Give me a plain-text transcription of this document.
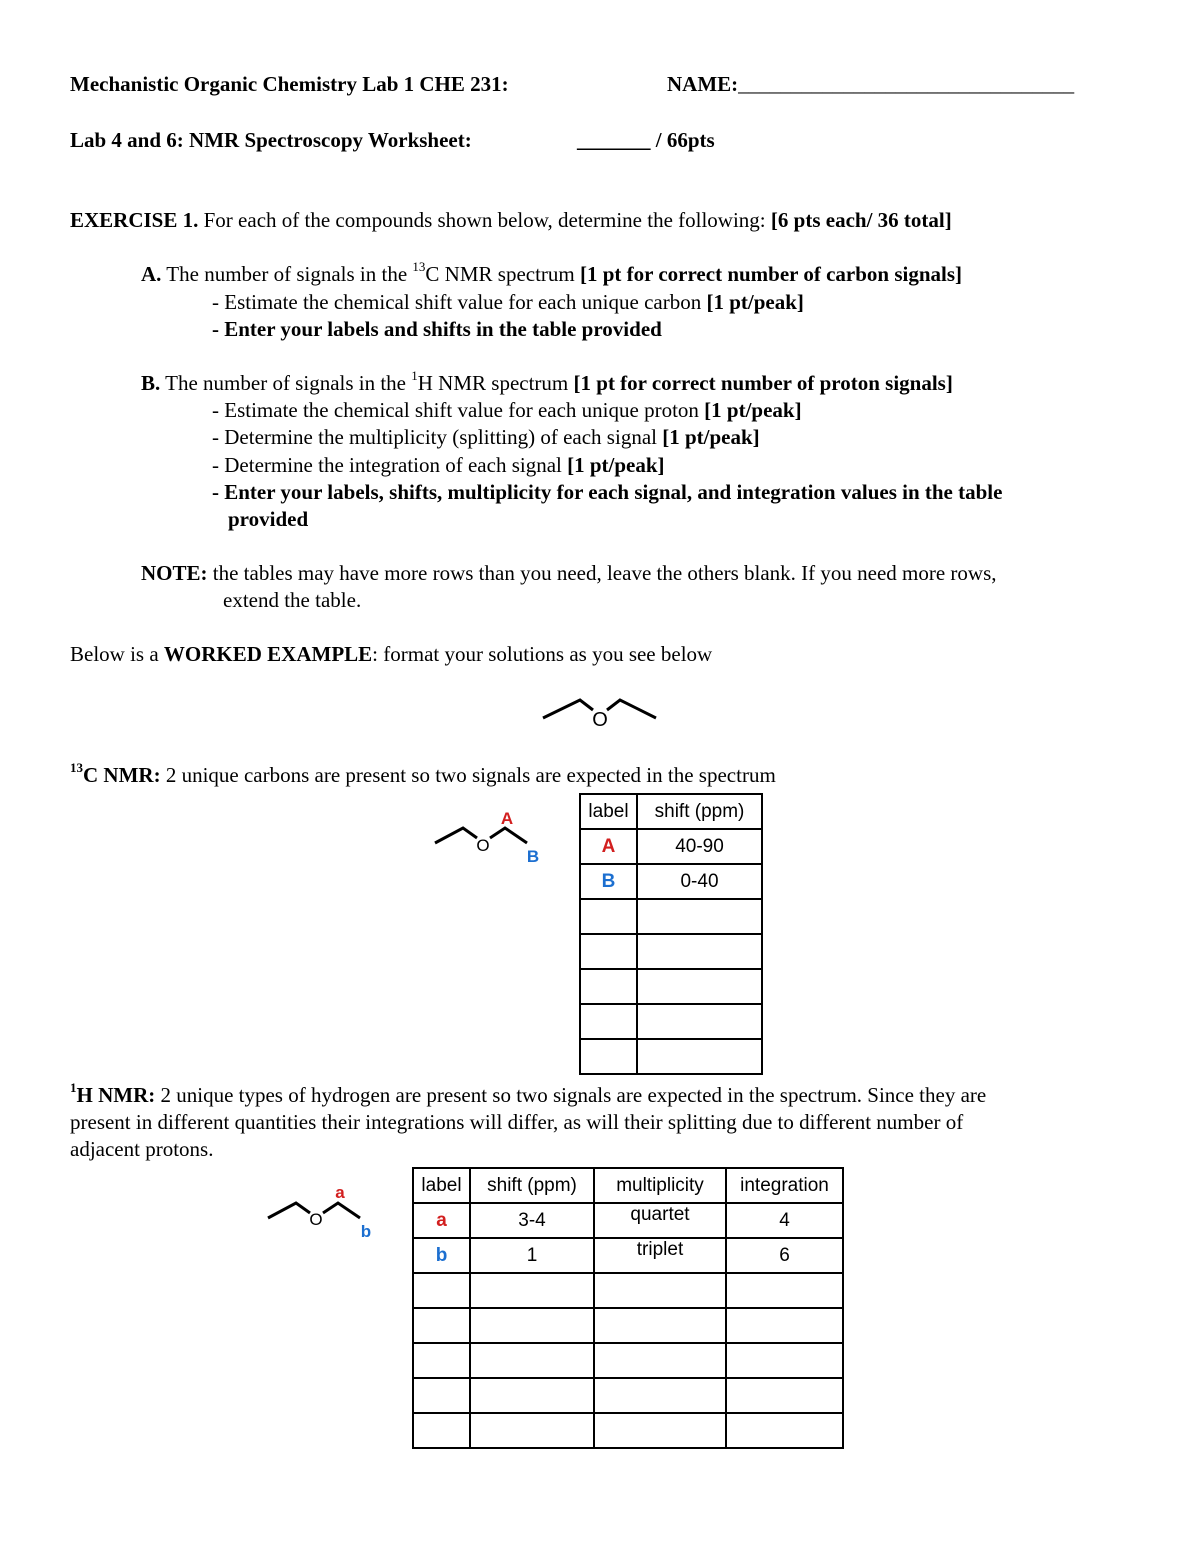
Mechanistic Organic Chemistry Lab 1 CHE 231:	NAME:________________________________
Lab 4 and 6: NMR Spectroscopy Worksheet:	_______ / 66pts
EXERCISE 1. For each of the compounds shown below, determine the following: [6 pts each/ 36 total]
A. The number of signals in the $^{13}$C NMR spectrum [1 pt for correct number of carbon signals]
- Estimate the chemical shift value for each unique carbon [1 pt/peak]
- Enter your labels and shifts in the table provided
B. The number of signals in the $^1$H NMR spectrum [1 pt for correct number of proton signals]
- Estimate the chemical shift value for each unique proton [1 pt/peak]
- Determine the multiplicity (splitting) of each signal [1 pt/peak]
- Determine the integration of each signal [1 pt/peak]
- Enter your labels, shifts, multiplicity for each signal, and integration values in the table
provided
NOTE: the tables may have more rows than you need, leave the others blank. If you need more rows,
extend the table.
Below is a WORKED EXAMPLE: format your solutions as you see below
O
$^{13}$C NMR: 2 unique carbons are present so two signals are expected in the spectrum
O
A
B
label	shift (ppm)
A	40-90
B	0-40

$^1$H NMR: 2 unique types of hydrogen are present so two signals are expected in the spectrum. Since they are
present in different quantities their integrations will differ, as will their splitting due to different number of
adjacent protons.
O
a
b
label	shift (ppm)	multiplicity	integration
a	3-4	quartet	4
b	1	triplet	6
